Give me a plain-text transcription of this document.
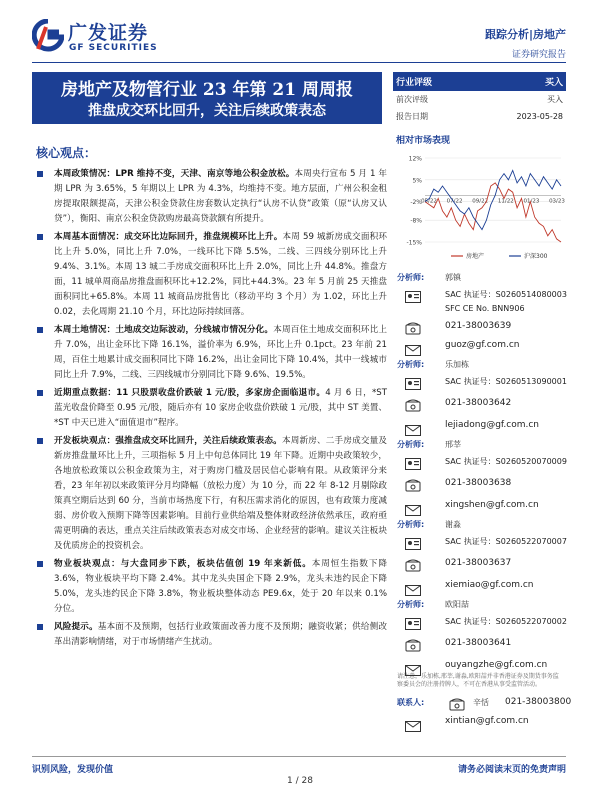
广发证券
GF SECURITIES
跟踪分析|房地产
证券研究报告
房地产及物管行业 23 年第 21 周周报
推盘成交环比回升，关注后续政策表态
行业评级	买入
前次评级	买入
报告日期	2023-05-28
相对市场表现
12%
5%
-2%
-8%
-15%
05/22 07/22 09/22 11/22 01/23 03/23
房地产	沪深300
分析师:	郭镇
SAC 执证号：S0260514080003
SFC CE No. BNN906
021-38003639
guoz@gf.com.cn
分析师:	乐加栋
SAC 执证号：S0260513090001
021-38003642
lejiadong@gf.com.cn
分析师:	邢莘
SAC 执证号：S0260520070009
021-38003638
xingshen@gf.com.cn
分析师:	谢淼
SAC 执证号：S0260522070007
021-38003637
xiemiao@gf.com.cn
分析师:	欧阳喆
SAC 执证号：S0260522070002
021-38003641
ouyangzhe@gf.com.cn
请注意，乐加栋,邢莘,谢淼,欧阳喆并非香港证券及期货事务监察委员会的注册持牌人，不可在香港从事受监管活动。
联系人:	辛恬 021-38003800
xintian@gf.com.cn
核心观点：
本周政策情况：LPR 维持不变，天津、南京等地公积金放松。本周央行宣布 5 月 1 年期 LPR 为 3.65%，5 年期以上 LPR 为 4.3%，均维持不变。地方层面，广州公积金租房提取限额提高，天津公积金贷款住房套数认定执行“认房不认贷”政策（原“认房又认贷”），衡阳、南京公积金贷款购房最高贷款额有所提升。
本周基本面情况：成交环比边际回升，推盘规模环比上升。本周 59 城新房成交面积环比上升 5.0%，同比上升 7.0%，一线环比下降 5.5%，二线、三四线分别环比上升 9.4%、3.1%。本周 13 城二手房成交面积环比上升 2.0%，同比上升 44.8%。推盘方面，11 城单周商品房推盘面积环比+12.2%，同比+44.3%。23 年 5 月前 25 天推盘面积同比+65.8%。本周 11 城商品房批售比（移动平均 3 个月）为 1.02，环比上升 0.02，去化周期 21.10 个月，环比边际持续回落。
本周土地情况：土地成交边际波动，分线城市情况分化。本周百住土地成交面积环比上升 7.0%，出让金环比下降 16.1%，溢价率为 6.9%，环比上升 0.1pct。23 年前 21 周，百住土地累计成交面积同比下降 16.2%，出让金同比下降 10.4%，其中一线城市同比上升 7.9%，二线、三四线城市分别同比下降 9.6%、19.5%。
近期重点数据：11 只股票收盘价跌破 1 元/股，多家房企面临退市。4 月 6 日，*ST 蓝光收盘价降至 0.95 元/股，随后亦有 10 家房企收盘价跌破 1 元/股，其中 ST 美置、*ST 中天已进入“面值退市”程序。
开发板块观点：强推盘成交环比回升，关注后续政策表态。本周新房、二手房成交量及新房推盘量环比上升，三项指标 5 月上中旬总体同比 19 年下降。近期中央政策较少，各地放松政策以公积金政策为主，对于购房门槛及居民信心影响有限。从政策评分来看，23 年年初以来政策评分月均降幅（放松力度）为 10 分，而 22 年 8-12 月剔除政策真空期后达到 60 分，当前市场热度下行，有积压需求消化的原因，也有政策力度减弱、房价收入预期下降等因素影响。目前行业供给端及整体财政经济依然承压，政府亟需更明确的表达，重点关注后续政策表态对成交市场、企业经营的影响。建议关注板块及优质房企的投资机会。
物业板块观点：与大盘同步下跌，板块估值创 19 年来新低。本周恒生指数下降 3.6%，物业板块平均下降 2.4%。其中龙头央国企下降 2.9%，龙头未违约民企下降 5.0%，龙头违约民企下降 3.8%，物业板块整体动态 PE9.6x，处于 20 年以来 0.1%分位。
风险提示。基本面不及预期，包括行业政策面改善力度不及预期；融资收紧；供给侧改革出清影响情绪，对于市场情绪产生扰动。
识别风险，发现价值	请务必阅读末页的免责声明
1 / 28
